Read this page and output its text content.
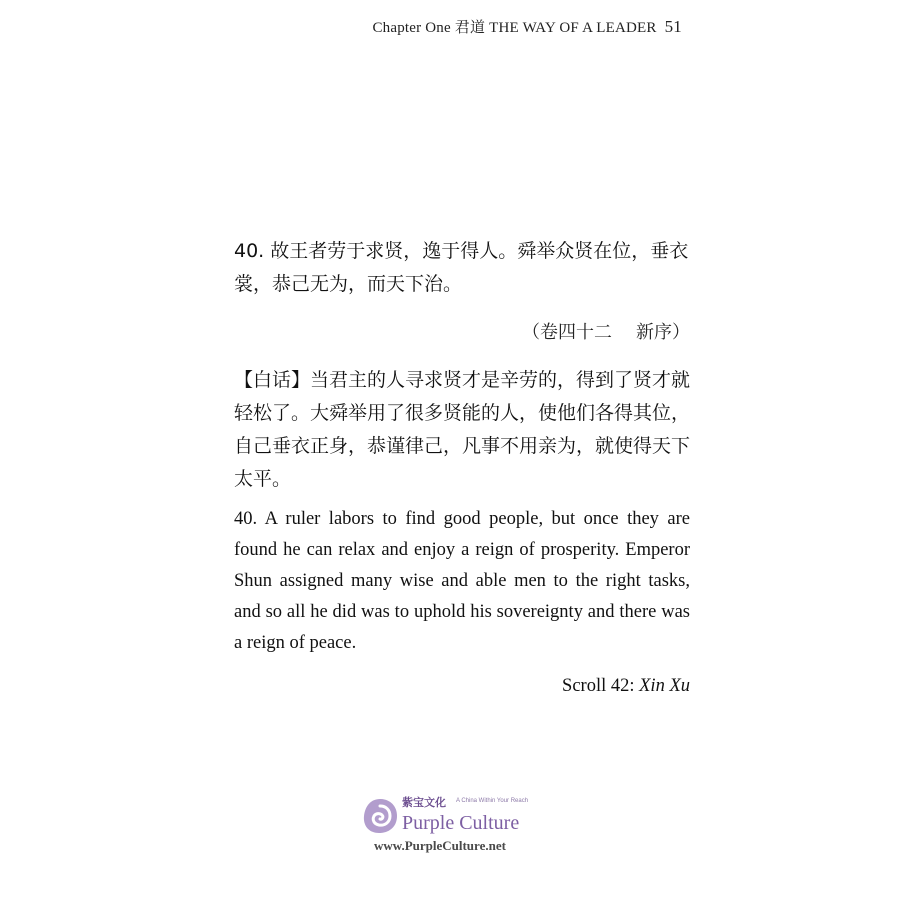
Chapter One 君道 THE WAY OF A LEADER 51
40. 故王者劳于求贤，逸于得人。舜举众贤在位，垂衣裳，恭己无为，而天下治。
（卷四十二 新序）
【白话】当君主的人寻求贤才是辛劳的，得到了贤才就轻松了。大舜举用了很多贤能的人，使他们各得其位，自己垂衣正身，恭谨律己，凡事不用亲为，就使得天下太平。
40. A ruler labors to find good people, but once they are found he can relax and enjoy a reign of prosperity. Emperor Shun assigned many wise and able men to the right tasks, and so all he did was to uphold his sovereignty and there was a reign of peace.
Scroll 42: Xin Xu
紫宝文化 A China Within Your Reach
Purple Culture
www.PurpleCulture.net
